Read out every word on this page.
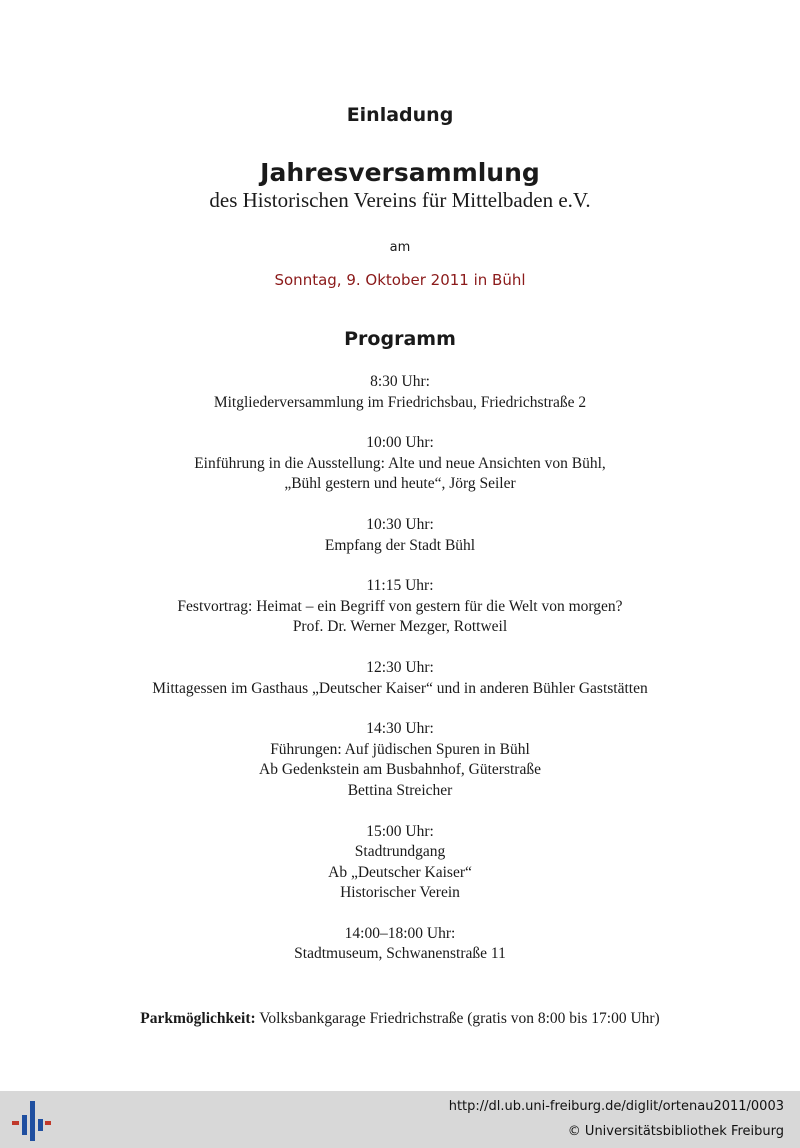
Einladung
Jahresversammlung
des Historischen Vereins für Mittelbaden e.V.
am
Sonntag, 9. Oktober 2011 in Bühl
Programm
8:30 Uhr:
Mitgliederversammlung im Friedrichsbau, Friedrichstraße 2
10:00 Uhr:
Einführung in die Ausstellung: Alte und neue Ansichten von Bühl,
„Bühl gestern und heute“, Jörg Seiler
10:30 Uhr:
Empfang der Stadt Bühl
11:15 Uhr:
Festvortrag: Heimat – ein Begriff von gestern für die Welt von morgen?
Prof. Dr. Werner Mezger, Rottweil
12:30 Uhr:
Mittagessen im Gasthaus „Deutscher Kaiser“ und in anderen Bühler Gaststätten
14:30 Uhr:
Führungen: Auf jüdischen Spuren in Bühl
Ab Gedenkstein am Busbahnhof, Güterstraße
Bettina Streicher
15:00 Uhr:
Stadtrundgang
Ab „Deutscher Kaiser“
Historischer Verein
14:00–18:00 Uhr:
Stadtmuseum, Schwanenstraße 11
Parkmöglichkeit: Volksbankgarage Friedrichstraße (gratis von 8:00 bis 17:00 Uhr)
http://dl.ub.uni-freiburg.de/diglit/ortenau2011/0003
© Universitätsbibliothek Freiburg
